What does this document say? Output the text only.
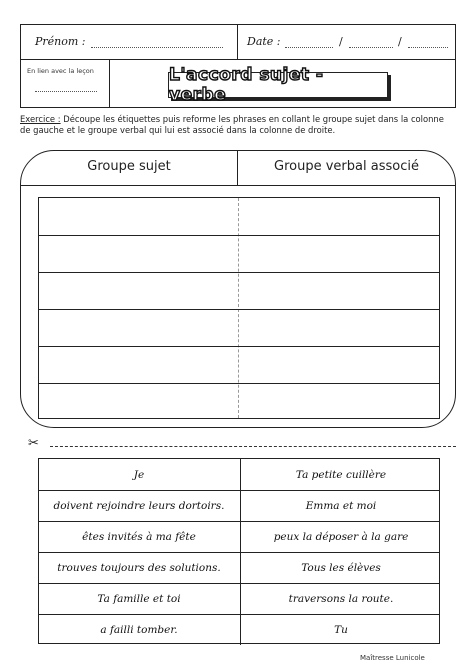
Prénom :	Date :	/	/
En lien avec la leçon	L'accord sujet - verbe
Exercice : Découpe les étiquettes puis reforme les phrases en collant le groupe sujet dans la colonne de gauche et le groupe verbal qui lui est associé dans la colonne de droite.
Groupe sujet	Groupe verbal associé
✂
Je	Ta petite cuillère
doivent rejoindre leurs dortoirs.	Emma et moi
êtes invités à ma fête	peux la déposer à la gare
trouves toujours des solutions.	Tous les élèves
Ta famille et toi	traversons la route.
a failli tomber.	Tu
Maîtresse Lunicole
